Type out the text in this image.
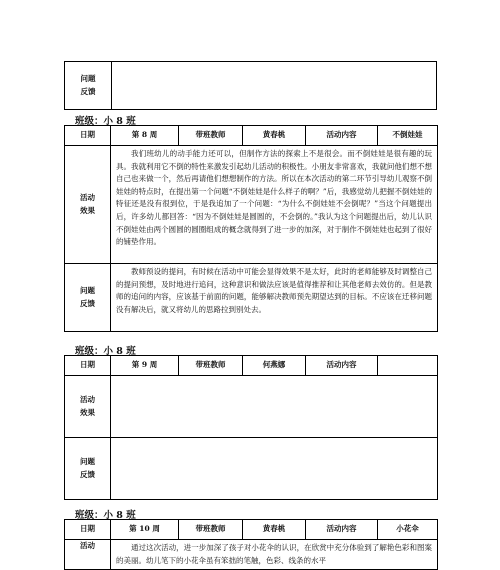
问题
反馈

班级：小 8 班
日期	第 8 周	带班教师	黄春桃	活动内容	不倒娃娃

活动
效果	我们班幼儿的动手能力还可以，但制作方法的探索上不是很会。而不倒娃娃是很有趣的玩具。我就利用它不倒的特性来激发引起幼儿活动的积极性。小朋友非常喜欢，我就问他们想不想自己也来做一个，然后再请他们想想制作的方法。所以在本次活动的第二环节引导幼儿观察不倒娃娃的特点时，在提出第一个问题“不倒娃娃是什么样子的啊？”后，我感觉幼儿把握不倒娃娃的特征还是没有很到位，于是我追加了一个问题：“为什么不倒娃娃不会倒呢？”当这个问题提出后，许多幼儿都回答：“因为不倒娃娃是圆圆的，不会倒的。”我认为这个问题提出后，幼儿认识不倒娃娃由两个圆圆的圆圈组成的概念就得到了进一步的加深，对于制作不倒娃娃也起到了很好的铺垫作用。				

问题
反馈	教师预设的提问，有时候在活动中可能会显得效果不是太好，此时的老师能够及时调整自己的提问预想，及时地进行追问，这种意识和做法应该是值得推荐和让其他老师去效仿的。但是教师的追问的内容，应该基于前面的问题，能够解决教师预先期望达到的目标。不应该在迁移问题没有解决后，就又将幼儿的思路拉到别处去。				

班级：小 8 班
日期	第 9 周	带班教师	何燕娜	活动内容	

活动
效果					

问题
反馈					

班级：小 8 班
日期	第 10 周	带班教师	黄春桃	活动内容	小花伞

活动	通过这次活动，进一步加深了孩子对小花伞的认识，在欣赏中充分体验到了解艳色彩和图案的美丽。幼儿笔下的小花伞虽有笨拙的笔触，色彩、线条的水平				
